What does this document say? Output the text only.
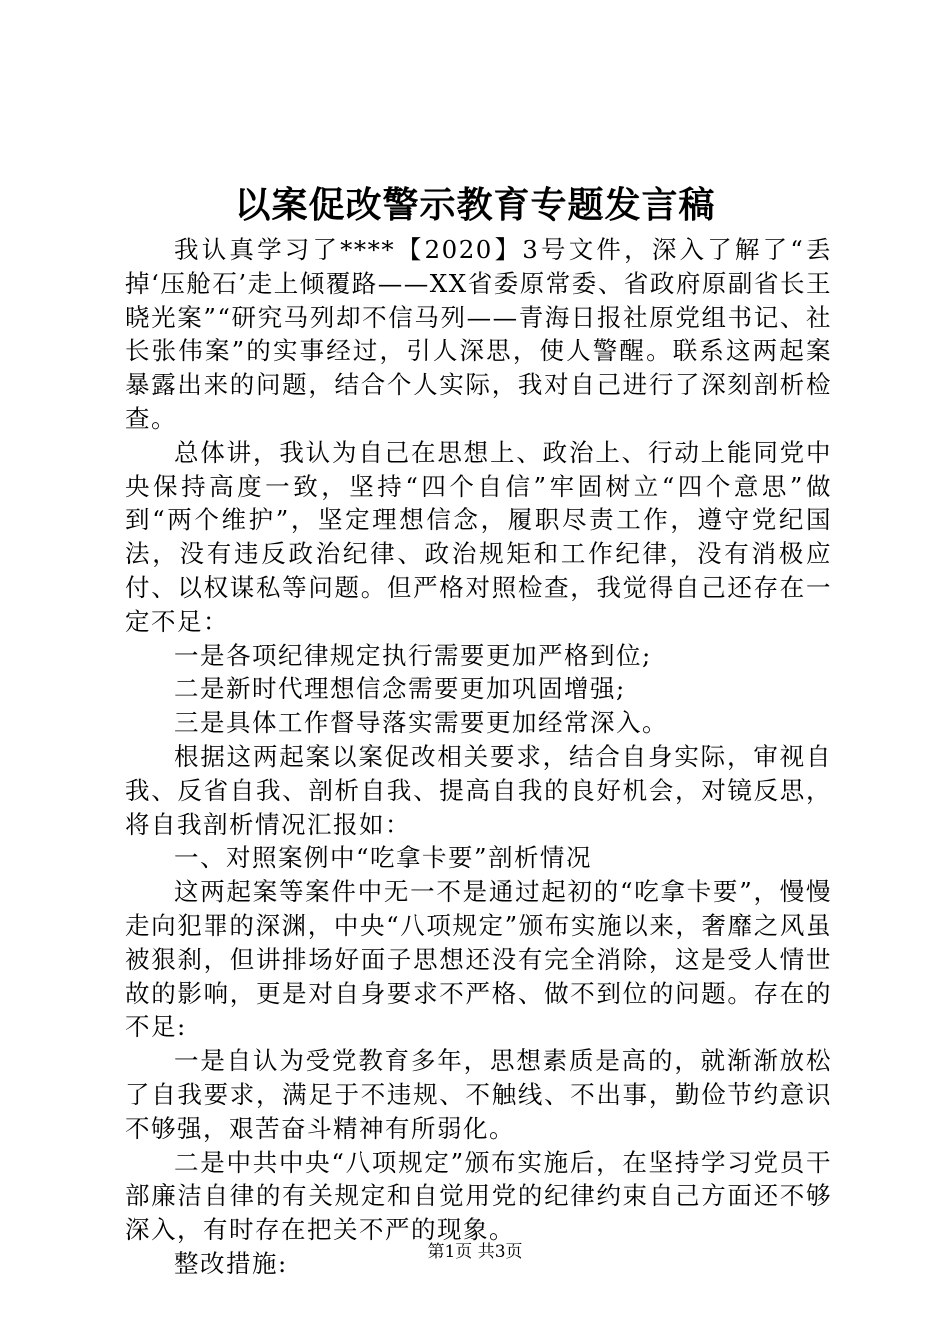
以案促改警示教育专题发言稿

我认真学习了****【2020】3号文件，深入了解了“丢掉‘压舱石’走上倾覆路——XX省委原常委、省政府原副省长王晓光案”“研究马列却不信马列——青海日报社原党组书记、社长张伟案”的实事经过，引人深思，使人警醒。联系这两起案暴露出来的问题，结合个人实际，我对自己进行了深刻剖析检查。

总体讲，我认为自己在思想上、政治上、行动上能同党中央保持高度一致，坚持“四个自信”牢固树立“四个意思”做到“两个维护”，坚定理想信念，履职尽责工作，遵守党纪国法，没有违反政治纪律、政治规矩和工作纪律，没有消极应付、以权谋私等问题。但严格对照检查，我觉得自己还存在一定不足：

一是各项纪律规定执行需要更加严格到位;

二是新时代理想信念需要更加巩固增强;

三是具体工作督导落实需要更加经常深入。

根据这两起案以案促改相关要求，结合自身实际，审视自我、反省自我、剖析自我、提高自我的良好机会，对镜反思，将自我剖析情况汇报如：

一、对照案例中“吃拿卡要”剖析情况

这两起案等案件中无一不是通过起初的“吃拿卡要”，慢慢走向犯罪的深渊，中央“八项规定”颁布实施以来，奢靡之风虽被狠刹，但讲排场好面子思想还没有完全消除，这是受人情世故的影响，更是对自身要求不严格、做不到位的问题。存在的不足:

一是自认为受党教育多年，思想素质是高的，就渐渐放松了自我要求，满足于不违规、不触线、不出事，勤俭节约意识不够强，艰苦奋斗精神有所弱化。

二是中共中央“八项规定”颁布实施后，在坚持学习党员干部廉洁自律的有关规定和自觉用党的纪律约束自己方面还不够深入，有时存在把关不严的现象。

整改措施:	第1页 共3页
